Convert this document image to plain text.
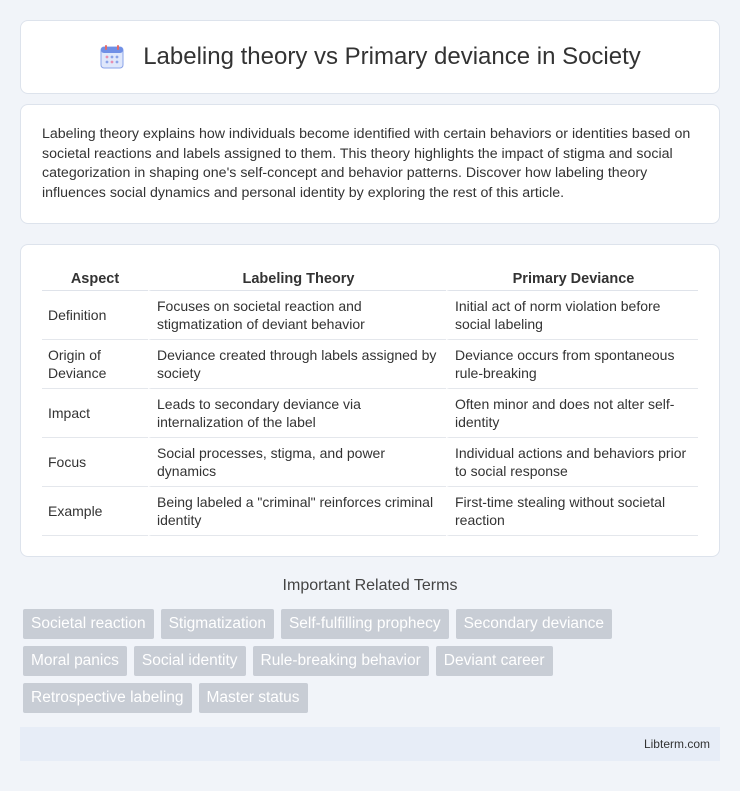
Labeling theory vs Primary deviance in Society

Labeling theory explains how individuals become identified with certain behaviors or identities based on societal reactions and labels assigned to them. This theory highlights the impact of stigma and social categorization in shaping one's self-concept and behavior patterns. Discover how labeling theory influences social dynamics and personal identity by exploring the rest of this article.

Aspect	Labeling Theory	Primary Deviance
Definition	Focuses on societal reaction and stigmatization of deviant behavior	Initial act of norm violation before social labeling
Origin of Deviance	Deviance created through labels assigned by society	Deviance occurs from spontaneous rule-breaking
Impact	Leads to secondary deviance via internalization of the label	Often minor and does not alter self-identity
Focus	Social processes, stigma, and power dynamics	Individual actions and behaviors prior to social response
Example	Being labeled a "criminal" reinforces criminal identity	First-time stealing without societal reaction
Important Related Terms
Societal reaction	Stigmatization	Self-fulfilling prophecy	Secondary deviance
Moral panics	Social identity	Rule-breaking behavior	Deviant career
Retrospective labeling	Master status
Libterm.com
